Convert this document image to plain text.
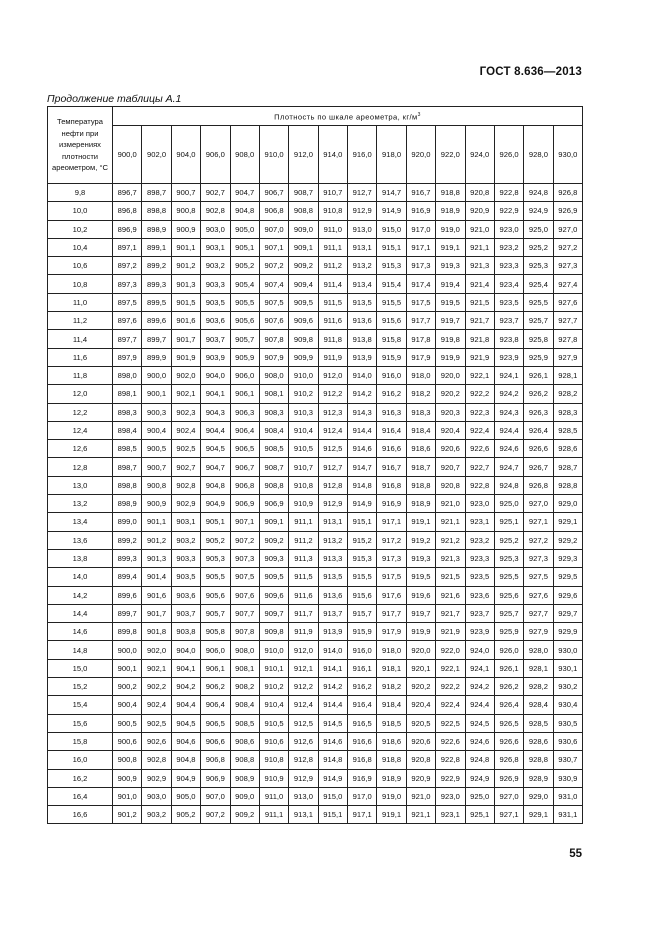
ГОСТ 8.636—2013
Продолжение таблицы А.1
Температура нефти при измерениях плотности ареометром, °С	Плотность по шкале ареометра, $кг/м^3$
	900,0	902,0	904,0	906,0	908,0	910,0	912,0	914,0	916,0	918,0	920,0	922,0	924,0	926,0	928,0	930,0
9,8	896,7	898,7	900,7	902,7	904,7	906,7	908,7	910,7	912,7	914,7	916,7	918,8	920,8	922,8	924,8	926,8
10,0	896,8	898,8	900,8	902,8	904,8	906,8	908,8	910,8	912,9	914,9	916,9	918,9	920,9	922,9	924,9	926,9
10,2	896,9	898,9	900,9	903,0	905,0	907,0	909,0	911,0	913,0	915,0	917,0	919,0	921,0	923,0	925,0	927,0
10,4	897,1	899,1	901,1	903,1	905,1	907,1	909,1	911,1	913,1	915,1	917,1	919,1	921,1	923,2	925,2	927,2
10,6	897,2	899,2	901,2	903,2	905,2	907,2	909,2	911,2	913,2	915,3	917,3	919,3	921,3	923,3	925,3	927,3
10,8	897,3	899,3	901,3	903,3	905,4	907,4	909,4	911,4	913,4	915,4	917,4	919,4	921,4	923,4	925,4	927,4
11,0	897,5	899,5	901,5	903,5	905,5	907,5	909,5	911,5	913,5	915,5	917,5	919,5	921,5	923,5	925,5	927,6
11,2	897,6	899,6	901,6	903,6	905,6	907,6	909,6	911,6	913,6	915,6	917,7	919,7	921,7	923,7	925,7	927,7
11,4	897,7	899,7	901,7	903,7	905,7	907,8	909,8	911,8	913,8	915,8	917,8	919,8	921,8	923,8	925,8	927,8
11,6	897,9	899,9	901,9	903,9	905,9	907,9	909,9	911,9	913,9	915,9	917,9	919,9	921,9	923,9	925,9	927,9
11,8	898,0	900,0	902,0	904,0	906,0	908,0	910,0	912,0	914,0	916,0	918,0	920,0	922,1	924,1	926,1	928,1
12,0	898,1	900,1	902,1	904,1	906,1	908,1	910,2	912,2	914,2	916,2	918,2	920,2	922,2	924,2	926,2	928,2
12,2	898,3	900,3	902,3	904,3	906,3	908,3	910,3	912,3	914,3	916,3	918,3	920,3	922,3	924,3	926,3	928,3
12,4	898,4	900,4	902,4	904,4	906,4	908,4	910,4	912,4	914,4	916,4	918,4	920,4	922,4	924,4	926,4	928,5
12,6	898,5	900,5	902,5	904,5	906,5	908,5	910,5	912,5	914,6	916,6	918,6	920,6	922,6	924,6	926,6	928,6
12,8	898,7	900,7	902,7	904,7	906,7	908,7	910,7	912,7	914,7	916,7	918,7	920,7	922,7	924,7	926,7	928,7
13,0	898,8	900,8	902,8	904,8	906,8	908,8	910,8	912,8	914,8	916,8	918,8	920,8	922,8	924,8	926,8	928,8
13,2	898,9	900,9	902,9	904,9	906,9	906,9	910,9	912,9	914,9	916,9	918,9	921,0	923,0	925,0	927,0	929,0
13,4	899,0	901,1	903,1	905,1	907,1	909,1	911,1	913,1	915,1	917,1	919,1	921,1	923,1	925,1	927,1	929,1
13,6	899,2	901,2	903,2	905,2	907,2	909,2	911,2	913,2	915,2	917,2	919,2	921,2	923,2	925,2	927,2	929,2
13,8	899,3	901,3	903,3	905,3	907,3	909,3	911,3	913,3	915,3	917,3	919,3	921,3	923,3	925,3	927,3	929,3
14,0	899,4	901,4	903,5	905,5	907,5	909,5	911,5	913,5	915,5	917,5	919,5	921,5	923,5	925,5	927,5	929,5
14,2	899,6	901,6	903,6	905,6	907,6	909,6	911,6	913,6	915,6	917,6	919,6	921,6	923,6	925,6	927,6	929,6
14,4	899,7	901,7	903,7	905,7	907,7	909,7	911,7	913,7	915,7	917,7	919,7	921,7	923,7	925,7	927,7	929,7
14,6	899,8	901,8	903,8	905,8	907,8	909,8	911,9	913,9	915,9	917,9	919,9	921,9	923,9	925,9	927,9	929,9
14,8	900,0	902,0	904,0	906,0	908,0	910,0	912,0	914,0	916,0	918,0	920,0	922,0	924,0	926,0	928,0	930,0
15,0	900,1	902,1	904,1	906,1	908,1	910,1	912,1	914,1	916,1	918,1	920,1	922,1	924,1	926,1	928,1	930,1
15,2	900,2	902,2	904,2	906,2	908,2	910,2	912,2	914,2	916,2	918,2	920,2	922,2	924,2	926,2	928,2	930,2
15,4	900,4	902,4	904,4	906,4	908,4	910,4	912,4	914,4	916,4	918,4	920,4	922,4	924,4	926,4	928,4	930,4
15,6	900,5	902,5	904,5	906,5	908,5	910,5	912,5	914,5	916,5	918,5	920,5	922,5	924,5	926,5	928,5	930,5
15,8	900,6	902,6	904,6	906,6	908,6	910,6	912,6	914,6	916,6	918,6	920,6	922,6	924,6	926,6	928,6	930,6
16,0	900,8	902,8	904,8	906,8	908,8	910,8	912,8	914,8	916,8	918,8	920,8	922,8	924,8	926,8	928,8	930,7
16,2	900,9	902,9	904,9	906,9	908,9	910,9	912,9	914,9	916,9	918,9	920,9	922,9	924,9	926,9	928,9	930,9
16,4	901,0	903,0	905,0	907,0	909,0	911,0	913,0	915,0	917,0	919,0	921,0	923,0	925,0	927,0	929,0	931,0
16,6	901,2	903,2	905,2	907,2	909,2	911,1	913,1	915,1	917,1	919,1	921,1	923,1	925,1	927,1	929,1	931,1
55
